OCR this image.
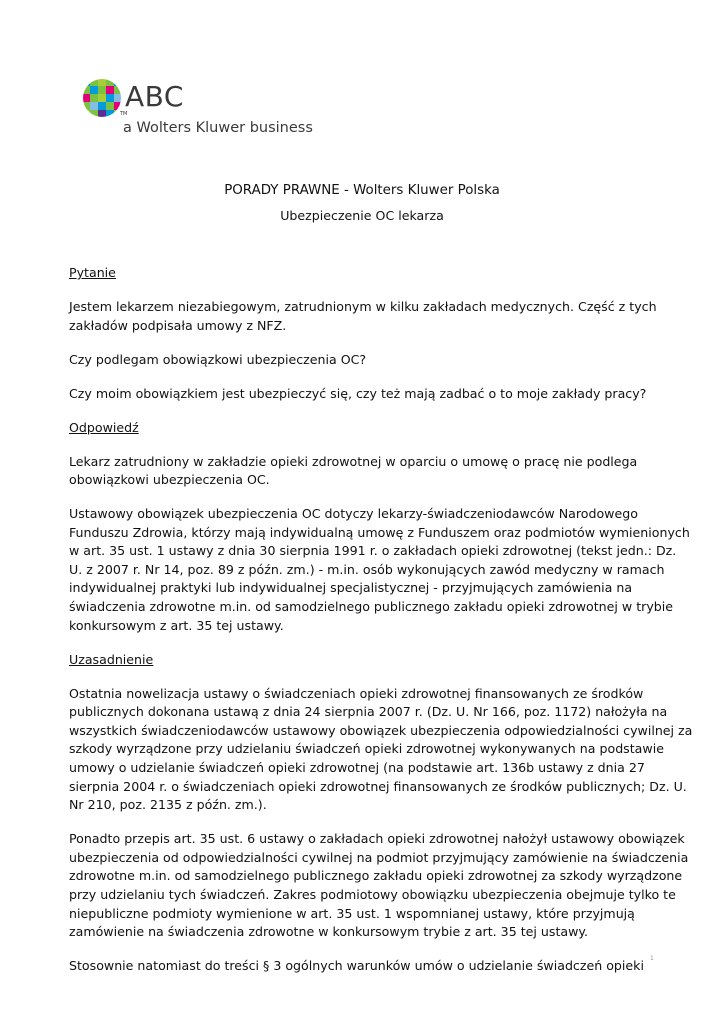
TM
ABC
a Wolters Kluwer business
PORADY PRAWNE - Wolters Kluwer Polska
Ubezpieczenie OC lekarza

Pytanie

Jestem lekarzem niezabiegowym, zatrudnionym w kilku zakładach medycznych. Część z tych
zakładów podpisała umowy z NFZ.

Czy podlegam obowiązkowi ubezpieczenia OC?

Czy moim obowiązkiem jest ubezpieczyć się, czy też mają zadbać o to moje zakłady pracy?

Odpowiedź

Lekarz zatrudniony w zakładzie opieki zdrowotnej w oparciu o umowę o pracę nie podlega
obowiązkowi ubezpieczenia OC.
Ustawowy obowiązek ubezpieczenia OC dotyczy lekarzy-świadczeniodawców Narodowego
Funduszu Zdrowia, którzy mają indywidualną umowę z Funduszem oraz podmiotów wymienionych
w art. 35 ust. 1 ustawy z dnia 30 sierpnia 1991 r. o zakładach opieki zdrowotnej (tekst jedn.: Dz.
U. z 2007 r. Nr 14, poz. 89 z późn. zm.) - m.in. osób wykonujących zawód medyczny w ramach
indywidualnej praktyki lub indywidualnej specjalistycznej - przyjmujących zamówienia na
świadczenia zdrowotne m.in. od samodzielnego publicznego zakładu opieki zdrowotnej w trybie
konkursowym z art. 35 tej ustawy.

Uzasadnienie

Ostatnia nowelizacja ustawy o świadczeniach opieki zdrowotnej finansowanych ze środków
publicznych dokonana ustawą z dnia 24 sierpnia 2007 r. (Dz. U. Nr 166, poz. 1172) nałożyła na
wszystkich świadczeniodawców ustawowy obowiązek ubezpieczenia odpowiedzialności cywilnej za
szkody wyrządzone przy udzielaniu świadczeń opieki zdrowotnej wykonywanych na podstawie
umowy o udzielanie świadczeń opieki zdrowotnej (na podstawie art. 136b ustawy z dnia 27
sierpnia 2004 r. o świadczeniach opieki zdrowotnej finansowanych ze środków publicznych; Dz. U.
Nr 210, poz. 2135 z późn. zm.).
Ponadto przepis art. 35 ust. 6 ustawy o zakładach opieki zdrowotnej nałożył ustawowy obowiązek
ubezpieczenia od odpowiedzialności cywilnej na podmiot przyjmujący zamówienie na świadczenia
zdrowotne m.in. od samodzielnego publicznego zakładu opieki zdrowotnej za szkody wyrządzone
przy udzielaniu tych świadczeń. Zakres podmiotowy obowiązku ubezpieczenia obejmuje tylko te
niepubliczne podmioty wymienione w art. 35 ust. 1 wspomnianej ustawy, które przyjmują
zamówienie na świadczenia zdrowotne w konkursowym trybie z art. 35 tej ustawy.
Stosownie natomiast do treści § 3 ogólnych warunków umów o udzielanie świadczeń opieki	1
